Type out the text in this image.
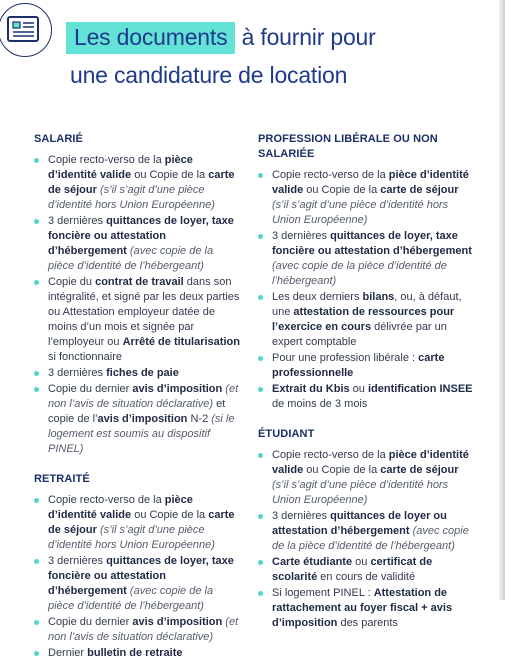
Les documents à fournir pour
une candidature de location
SALARIÉ
Copie recto-verso de la pièce d’identité valide ou Copie de la carte de séjour (s’il s’agit d’une pièce d’identité hors Union Européenne)
3 dernières quittances de loyer, taxe foncière ou attestation d’hébergement (avec copie de la pièce d’identité de l’hébergeant)
Copie du contrat de travail dans son intégralité, et signé par les deux parties ou Attestation employeur datée de moins d’un mois et signée par l’employeur ou Arrêté de titularisation si fonctionnaire
3 dernières fiches de paie
Copie du dernier avis d’imposition (et non l’avis de situation déclarative) et copie de l’avis d’imposition N-2 (si le logement est soumis au dispositif PINEL)
RETRAITÉ
Copie recto-verso de la pièce d’identité valide ou Copie de la carte de séjour (s’il s’agit d’une pièce d’identité hors Union Européenne)
3 dernières quittances de loyer, taxe foncière ou attestation d’hébergement (avec copie de la pièce d’identité de l’hébergeant)
Copie du dernier avis d’imposition (et non l’avis de situation déclarative)
Dernier bulletin de retraite
PROFESSION LIBÉRALE OU NON SALARIÉE
Copie recto-verso de la pièce d’identité valide ou Copie de la carte de séjour (s’il s’agit d’une pièce d’identité hors Union Européenne)
3 dernières quittances de loyer, taxe foncière ou attestation d’hébergement (avec copie de la pièce d’identité de l’hébergeant)
Les deux derniers bilans, ou, à défaut, une attestation de ressources pour l’exercice en cours délivrée par un expert comptable
Pour une profession libérale : carte professionnelle
Extrait du Kbis ou identification INSEE de moins de 3 mois
ÉTUDIANT
Copie recto-verso de la pièce d’identité valide ou Copie de la carte de séjour (s’il s’agit d’une pièce d’identité hors Union Européenne)
3 dernières quittances de loyer ou attestation d’hébergement (avec copie de la pièce d’identité de l’hébergeant)
Carte étudiante ou certificat de scolarité en cours de validité
Si logement PINEL : Attestation de rattachement au foyer fiscal + avis d’imposition des parents
